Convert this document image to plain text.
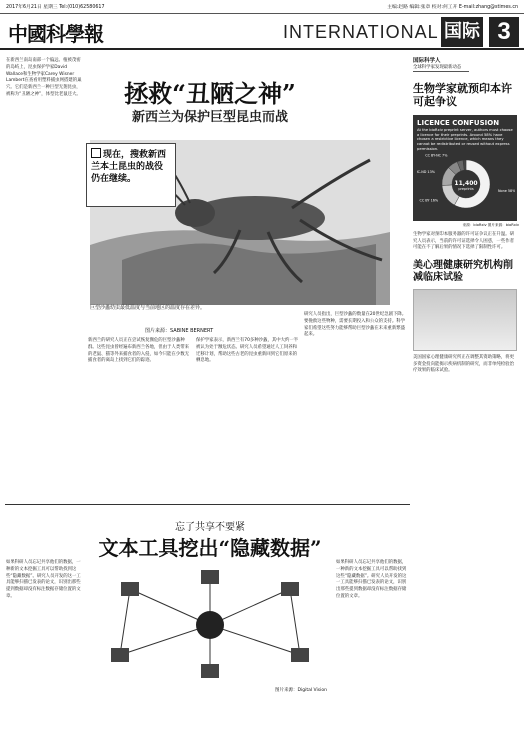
2017年6月21日 星期三 Tel:(010)62580617	主编:赵路 编辑:张章 校对:何工开 E-mail:zhang@stimes.cn
中國科學報	INTERNATIONAL 国际 3

在新西兰南岛南部一个偏远、植被茂密的岛屿上，昆虫保护学家David Wallace和生物学家Carey Wisner Lambert在查看用塑料捕虫网搭建的巢穴。它们是新西兰一种巨型无翅昆虫，被称为“丑陋之神”，体型比老鼠还大。	拯救“丑陋之神”
新西兰为保护巨型昆虫而战
现在，搜救新西兰本土昆虫的战役仍在继续。
巨型沙螽幼虫最低温度与当前地区的温度存在差异。
图片来源：SABINE BERNERT

新西兰的研究人员正在尝试恢复濒危的巨型沙螽种群。这些昆虫曾经遍布新西兰各地，但由于人类带来的老鼠、猫等外来捕食者的入侵，如今只能在少数无捕食者的离岛上找到它们的踪迹。

保护学家表示，新西兰有70多种沙螽，其中大约一半被认为处于濒危状态。研究人员希望通过人工饲养和迁移计划，帮助这些古老的昆虫重新回到它们原来的栖息地。

研究人员指出，巨型沙螽的数量在20世纪急剧下降。要挽救这些物种，需要长期投入和公众的支持。科学家们希望这些努力能够帮助巨型沙螽在未来重新繁盛起来。

国际科学人
全球科学家发现最新动态
生物学家就预印本许可起争议
LICENCE CONFUSION
At the bioRxiv preprint server, authors must choose a licence for their preprints. Around 58% have chosen a restrictive licence, which means they cannot be redistributed or reused without express permission.
None 58%
CC BY 16%
C-ND 13%
CC BY-NC 7%
11,400
preprints
来源：bioRxiv 图片来源：bioRxiv

生物学家对预印本服务器的许可证争议正在升温。研究人员表示，当前的许可证选择令人困惑，一些作者可能在不了解后果的情况下选择了限制性许可。

美心理健康研究机构削减临床试验

美国国家心理健康研究所正在调整其资助策略，将更多资金投向能揭示疾病机制的研究，而非单纯检验治疗效果的临床试验。

忘了共享不要紧
文本工具挖出“隐藏数据”

如果科研人员忘记共享他们的数据，一种新的文本挖掘工具可以帮助找到这些“隐藏数据”。研究人员开发的这一工具能够扫描已发表的论文，识别出那些提到数据却没有标注数据存储位置的文章。

图片来源：Digital Vision

如果科研人员忘记共享他们的数据，一种新的文本挖掘工具可以帮助找到这些“隐藏数据”。研究人员开发的这一工具能够扫描已发表的论文，识别出那些提到数据却没有标注数据存储位置的文章。
